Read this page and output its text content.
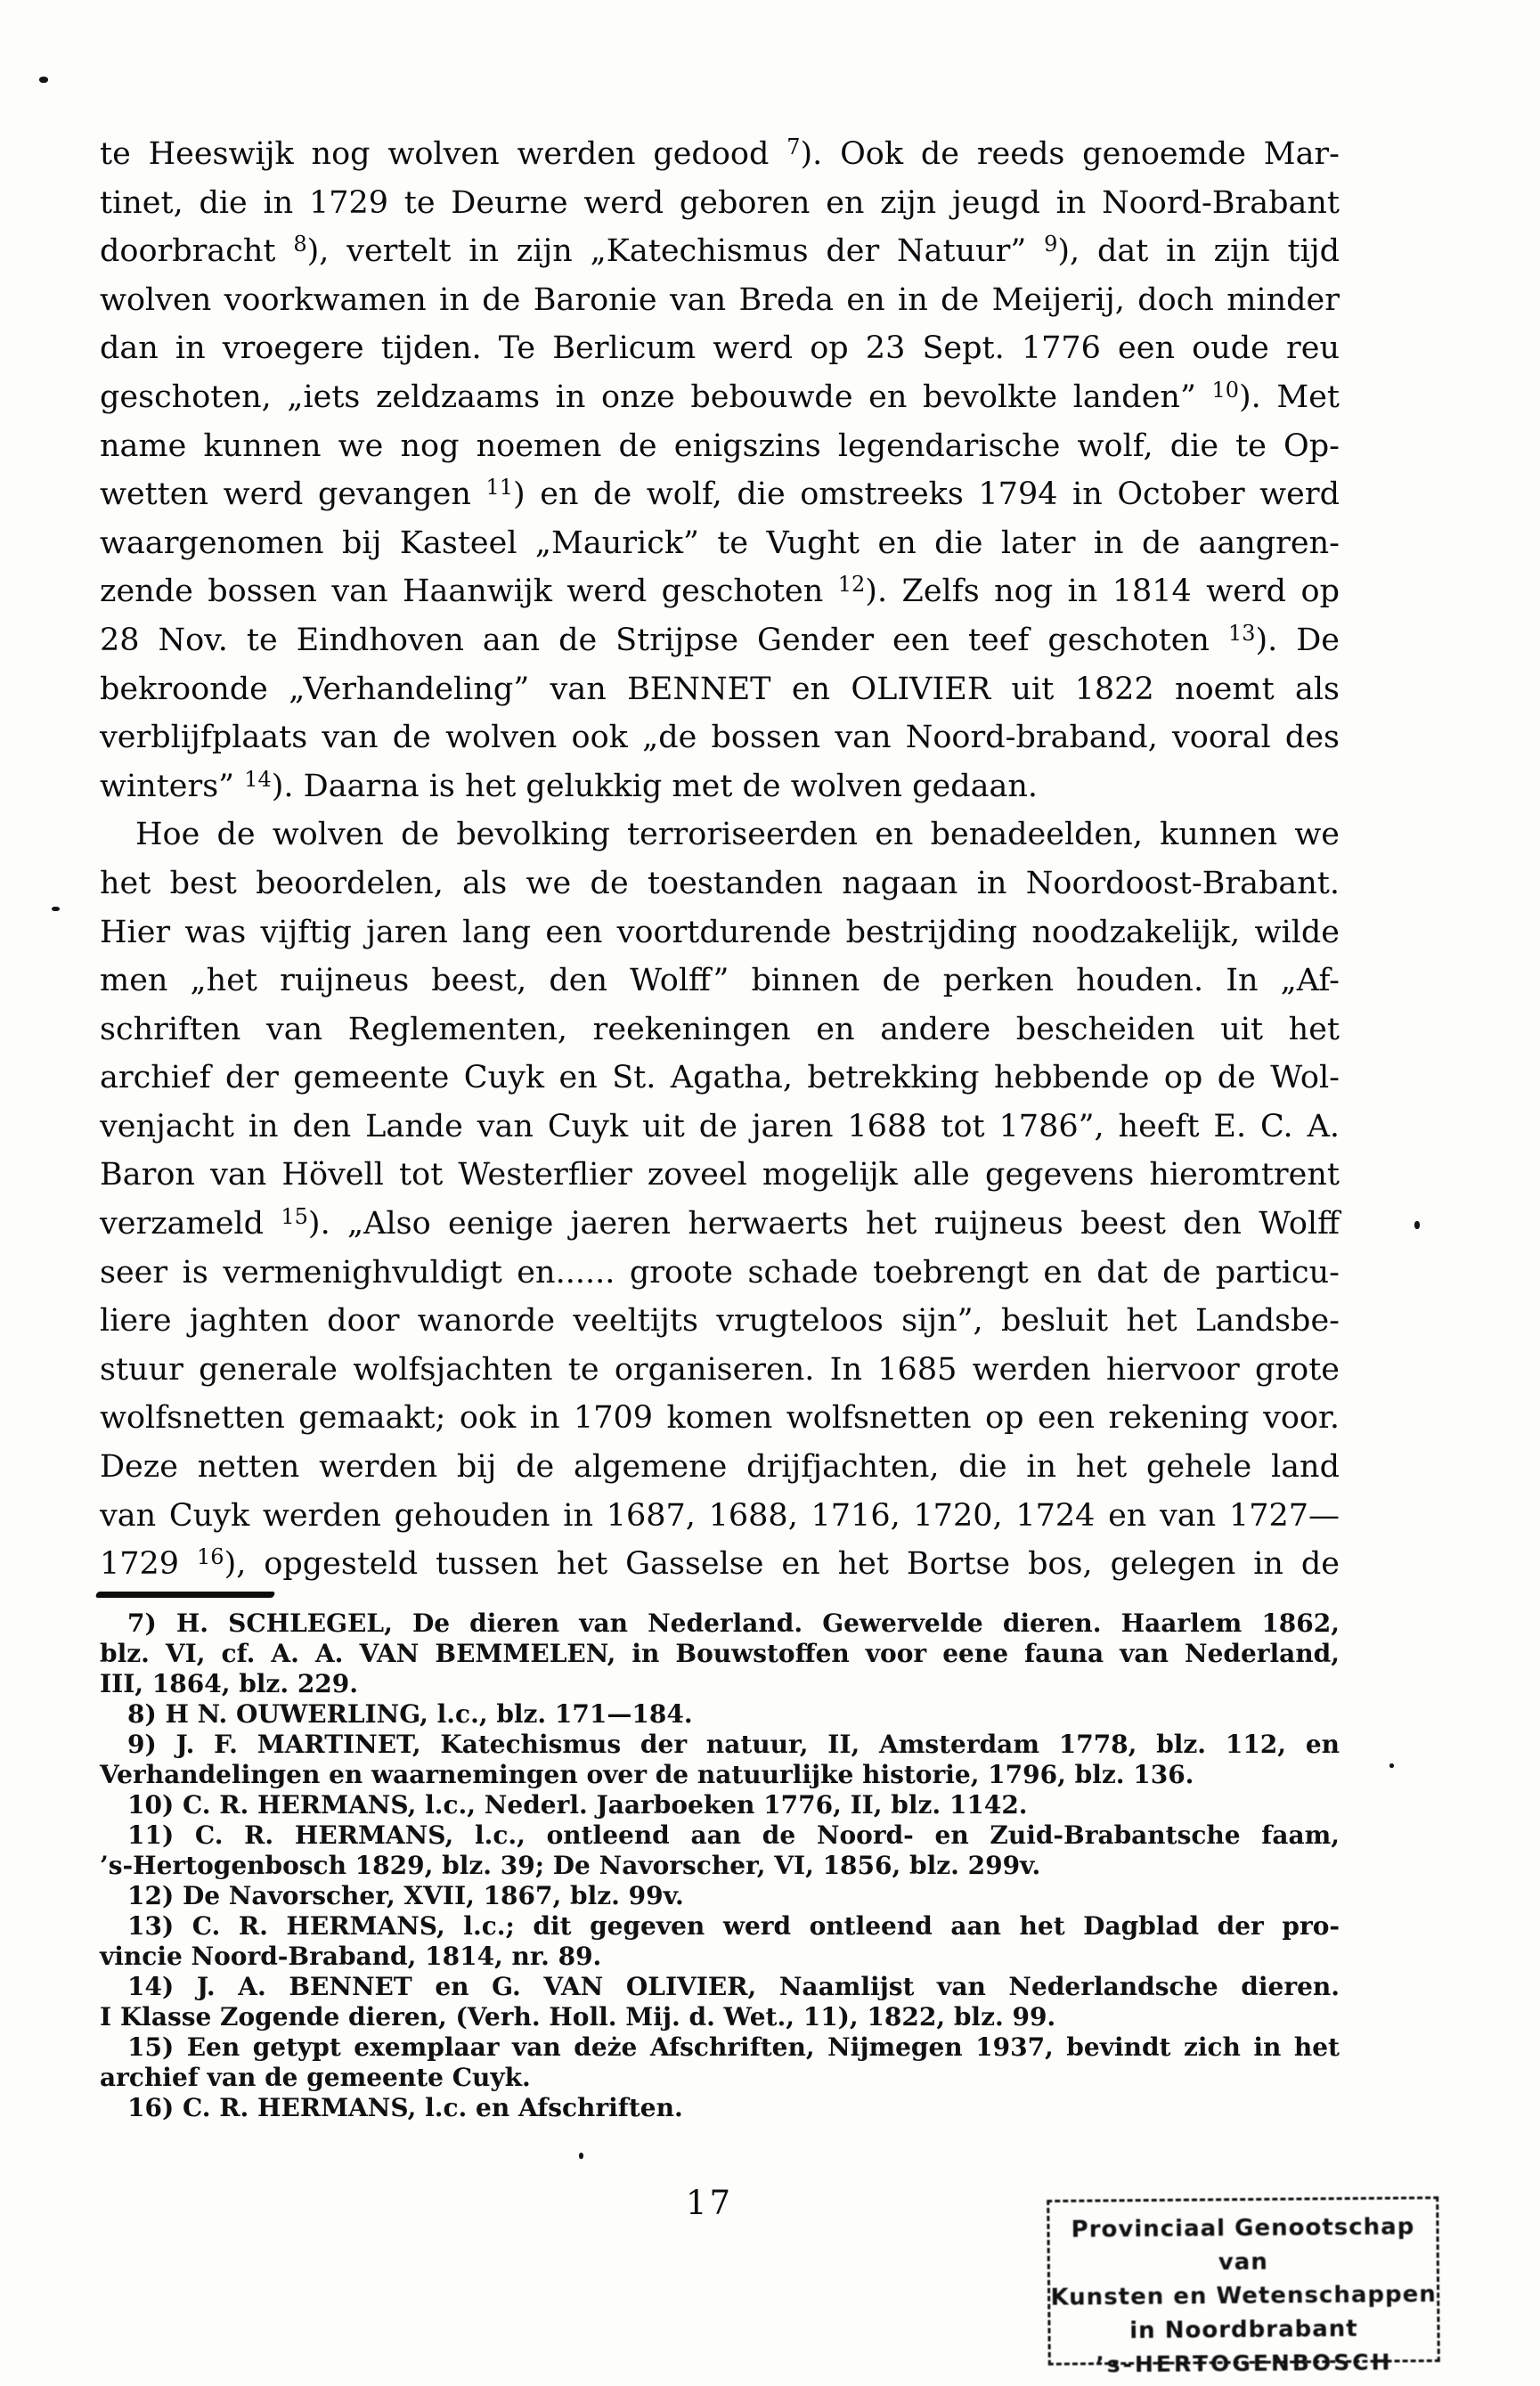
te Heeswijk nog wolven werden gedood $^7$). Ook de reeds genoemde Mar-
tinet, die in 1729 te Deurne werd geboren en zijn jeugd in Noord-Brabant
doorbracht $^8$), vertelt in zijn „Katechismus der Natuur” $^9$), dat in zijn tijd
wolven voorkwamen in de Baronie van Breda en in de Meijerij, doch minder
dan in vroegere tijden. Te Berlicum werd op 23 Sept. 1776 een oude reu
geschoten, „iets zeldzaams in onze bebouwde en bevolkte landen” $^{10}$). Met
name kunnen we nog noemen de enigszins legendarische wolf, die te Op-
wetten werd gevangen $^{11}$) en de wolf, die omstreeks 1794 in October werd
waargenomen bij Kasteel „Maurick” te Vught en die later in de aangren-
zende bossen van Haanwijk werd geschoten $^{12}$). Zelfs nog in 1814 werd op
28 Nov. te Eindhoven aan de Strijpse Gender een teef geschoten $^{13}$). De
bekroonde „Verhandeling” van BENNET en OLIVIER uit 1822 noemt als
verblijfplaats van de wolven ook „de bossen van Noord-braband, vooral des
winters” $^{14}$). Daarna is het gelukkig met de wolven gedaan.
Hoe de wolven de bevolking terroriseerden en benadeelden, kunnen we
het best beoordelen, als we de toestanden nagaan in Noordoost-Brabant.
Hier was vijftig jaren lang een voortdurende bestrijding noodzakelijk, wilde
men „het ruijneus beest, den Wolff” binnen de perken houden. In „Af-
schriften van Reglementen, reekeningen en andere bescheiden uit het
archief der gemeente Cuyk en St. Agatha, betrekking hebbende op de Wol-
venjacht in den Lande van Cuyk uit de jaren 1688 tot 1786”, heeft E. C. A.
Baron van Hövell tot Westerflier zoveel mogelijk alle gegevens hieromtrent
verzameld $^{15}$). „Also eenige jaeren herwaerts het ruijneus beest den Wolff
seer is vermenighvuldigt en...... groote schade toebrengt en dat de particu-
liere jaghten door wanorde veeltijts vrugteloos sijn”, besluit het Landsbe-
stuur generale wolfsjachten te organiseren. In 1685 werden hiervoor grote
wolfsnetten gemaakt; ook in 1709 komen wolfsnetten op een rekening voor.
Deze netten werden bij de algemene drijfjachten, die in het gehele land
van Cuyk werden gehouden in 1687, 1688, 1716, 1720, 1724 en van 1727—
1729 $^{16}$), opgesteld tussen het Gasselse en het Bortse bos, gelegen in de
7) H. SCHLEGEL, De dieren van Nederland. Gewervelde dieren. Haarlem 1862,
blz. VI, cf. A. A. VAN BEMMELEN, in Bouwstoffen voor eene fauna van Nederland,
III, 1864, blz. 229.
8) H N. OUWERLING, l.c., blz. 171—184.
9) J. F. MARTINET, Katechismus der natuur, II, Amsterdam 1778, blz. 112, en
Verhandelingen en waarnemingen over de natuurlijke historie, 1796, blz. 136.
10) C. R. HERMANS, l.c., Nederl. Jaarboeken 1776, II, blz. 1142.
11) C. R. HERMANS, l.c., ontleend aan de Noord- en Zuid-Brabantsche faam,
’s-Hertogenbosch 1829, blz. 39; De Navorscher, VI, 1856, blz. 299v.
12) De Navorscher, XVII, 1867, blz. 99v.
13) C. R. HERMANS, l.c.; dit gegeven werd ontleend aan het Dagblad der pro-
vincie Noord-Braband, 1814, nr. 89.
14) J. A. BENNET en G. VAN OLIVIER, Naamlijst van Nederlandsche dieren.
I Klasse Zogende dieren, (Verh. Holl. Mij. d. Wet., 11), 1822, blz. 99.
15) Een getypt exemplaar van deże Afschriften, Nijmegen 1937, bevindt zich in het
archief van de gemeente Cuyk.
16) C. R. HERMANS, l.c. en Afschriften.
17
Provinciaal Genootschap van
Kunsten en Wetenschappen
in Noordbrabant
’s-HERTOGENBOSCH
